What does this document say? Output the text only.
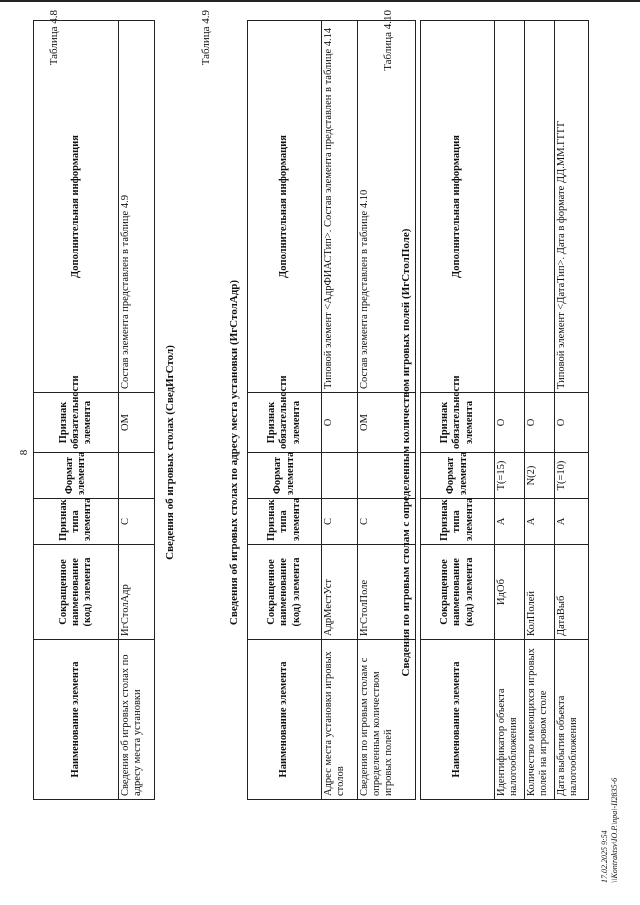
8
Таблица 4.8
Наименование элемента	Сокращенное наименование (код) элемента	Признак типа элемента	Формат элемента	Признак обязательности элемента	Дополнительная информация
Сведения об игровых столах по адресу места установки	ИгСтолАдр	С		ОМ	Состав элемента представлен в таблице 4.9
Сведения об игровых столах (СведИгСтол)
Таблица 4.9
Сведения об игровых столах по адресу места установки (ИгСтолАдр)
Наименование элемента	Сокращенное наименование (код) элемента	Признак типа элемента	Формат элемента	Признак обязательности элемента	Дополнительная информация
Адрес места установки игровых столов	АдрМестУст	С		О	Типовой элемент <АдрФИАСТип>. Состав элемента представлен в таблице 4.14
Сведения по игровым столам с определенным количеством игровых полей	ИгСтолПоле	С		ОМ	Состав элемента представлен в таблице 4.10
Таблица 4.10
Сведения по игровым столам с определенным количеством игровых полей (ИгСтолПоле)
Наименование элемента	Сокращенное наименование (код) элемента	Признак типа элемента	Формат элемента	Признак обязательности элемента	Дополнительная информация
Идентификатор объекта налогообложения	ИдОб	А	T(=15)	О	
Количество имеющихся игровых полей на игровом столе	КолПолей	А	N(2)	О	
Дата выбытия объекта налогообложения	ДатаВыб	А	T(=10)	О	Типовой элемент <ДатаТип>. Дата в формате ДД.ММ.ГГГГ
17.02.2025 9:54 \\Kontraktsv\IO.P.\npa\-II2835-6
